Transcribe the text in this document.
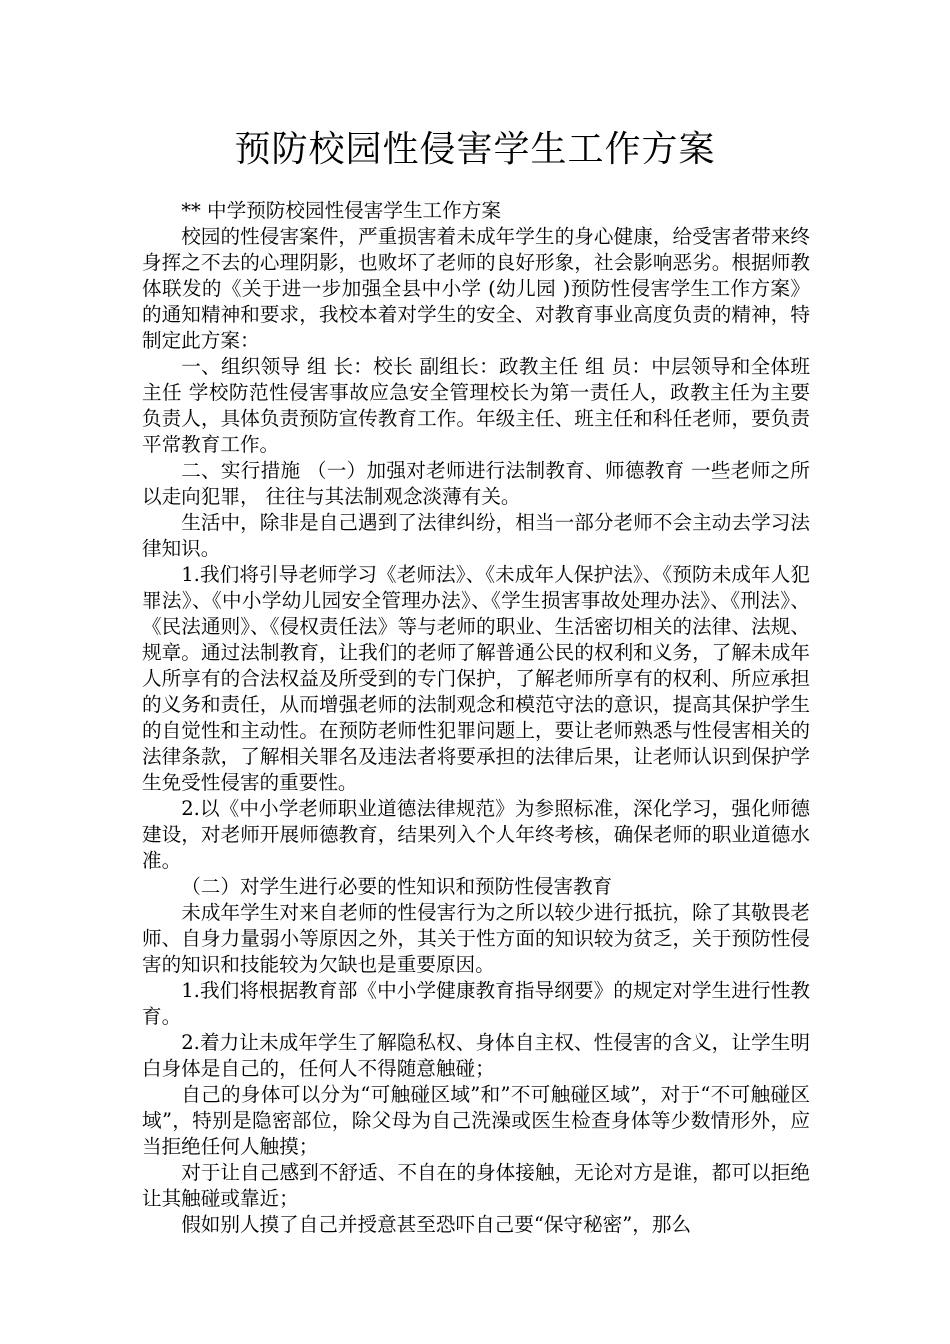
预防校园性侵害学生工作方案

** 中学预防校园性侵害学生工作方案

校园的性侵害案件，严重损害着未成年学生的身心健康，给受害者带来终身挥之不去的心理阴影，也败坏了老师的良好形象，社会影响恶劣。根据师教体联发的《关于进一步加强全县中小学 (幼儿园 )预防性侵害学生工作方案》的通知精神和要求，我校本着对学生的安全、对教育事业高度负责的精神，特制定此方案：

一、组织领导 组 长：校长 副组长：政教主任 组 员：中层领导和全体班主任 学校防范性侵害事故应急安全管理校长为第一责任人，政教主任为主要负责人，具体负责预防宣传教育工作。年级主任、班主任和科任老师，要负责平常教育工作。

二、实行措施 （一）加强对老师进行法制教育、师德教育 一些老师之所以走向犯罪， 往往与其法制观念淡薄有关。

生活中，除非是自己遇到了法律纠纷，相当一部分老师不会主动去学习法律知识。

1.我们将引导老师学习《老师法》、《未成年人保护法》、《预防未成年人犯罪法》、《中小学幼儿园安全管理办法》、《学生损害事故处理办法》、《刑法》、《民法通则》、《侵权责任法》等与老师的职业、生活密切相关的法律、法规、规章。通过法制教育，让我们的老师了解普通公民的权利和义务，了解未成年人所享有的合法权益及所受到的专门保护，了解老师所享有的权利、所应承担的义务和责任，从而增强老师的法制观念和模范守法的意识，提高其保护学生的自觉性和主动性。在预防老师性犯罪问题上，要让老师熟悉与性侵害相关的法律条款，了解相关罪名及违法者将要承担的法律后果，让老师认识到保护学生免受性侵害的重要性。

2.以《中小学老师职业道德法律规范》为参照标准，深化学习，强化师德建设，对老师开展师德教育，结果列入个人年终考核，确保老师的职业道德水准。

（二）对学生进行必要的性知识和预防性侵害教育

未成年学生对来自老师的性侵害行为之所以较少进行抵抗，除了其敬畏老师、自身力量弱小等原因之外，其关于性方面的知识较为贫乏，关于预防性侵害的知识和技能较为欠缺也是重要原因。

1.我们将根据教育部《中小学健康教育指导纲要》的规定对学生进行性教育。

2.着力让未成年学生了解隐私权、身体自主权、性侵害的含义，让学生明白身体是自己的，任何人不得随意触碰；

自己的身体可以分为“可触碰区域”和”不可触碰区域”，对于“不可触碰区域”，特别是隐密部位，除父母为自己洗澡或医生检查身体等少数情形外，应当拒绝任何人触摸；

对于让自己感到不舒适、不自在的身体接触，无论对方是谁，都可以拒绝让其触碰或靠近；

假如别人摸了自己并授意甚至恐吓自己要“保守秘密”，那么
